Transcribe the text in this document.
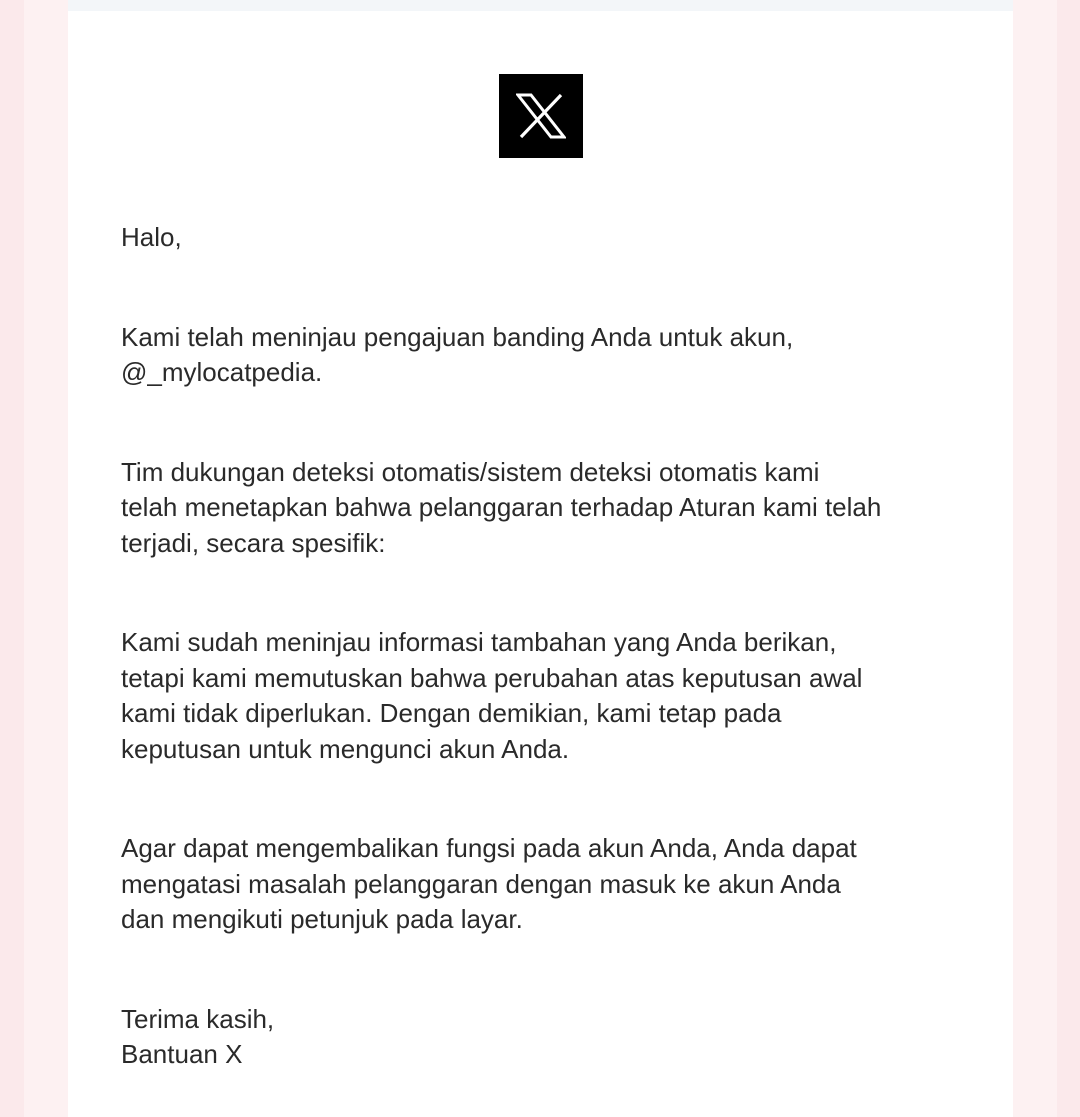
Halo,

Kami telah meninjau pengajuan banding Anda untuk akun,
@_mylocatpedia.

Tim dukungan deteksi otomatis/sistem deteksi otomatis kami
telah menetapkan bahwa pelanggaran terhadap Aturan kami telah
terjadi, secara spesifik:

Kami sudah meninjau informasi tambahan yang Anda berikan,
tetapi kami memutuskan bahwa perubahan atas keputusan awal
kami tidak diperlukan. Dengan demikian, kami tetap pada
keputusan untuk mengunci akun Anda.

Agar dapat mengembalikan fungsi pada akun Anda, Anda dapat
mengatasi masalah pelanggaran dengan masuk ke akun Anda
dan mengikuti petunjuk pada layar.

Terima kasih,
Bantuan X
